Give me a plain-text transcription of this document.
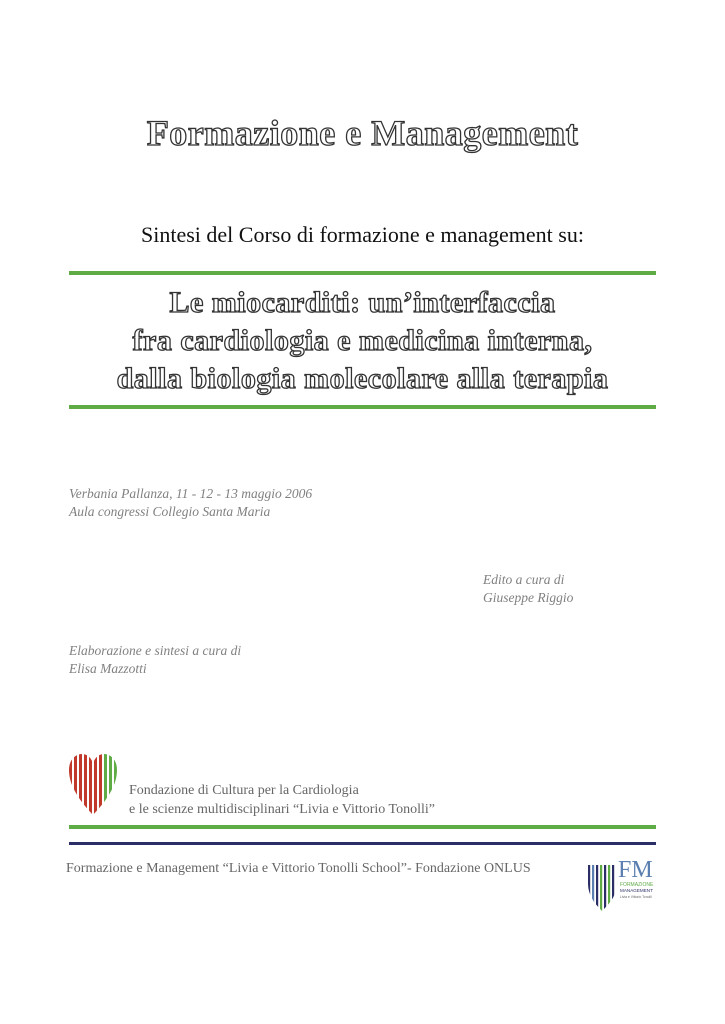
Formazione e Management
Sintesi del Corso di formazione e management su:
Le miocarditi: un’interfaccia
fra cardiologia e medicina interna,
dalla biologia molecolare alla terapia
Verbania Pallanza, 11 - 12 - 13 maggio 2006
Aula congressi Collegio Santa Maria
Edito a cura di
Giuseppe Riggio
Elaborazione e sintesi a cura di
Elisa Mazzotti
Fondazione di Cultura per la Cardiologia
e le scienze multidisciplinari “Livia e Vittorio Tonolli”
Formazione e Management “Livia e Vittorio Tonolli School”- Fondazione ONLUS	FM
FORMAZIONE
MANAGEMENT
Livia e Vittorio Tonolli
